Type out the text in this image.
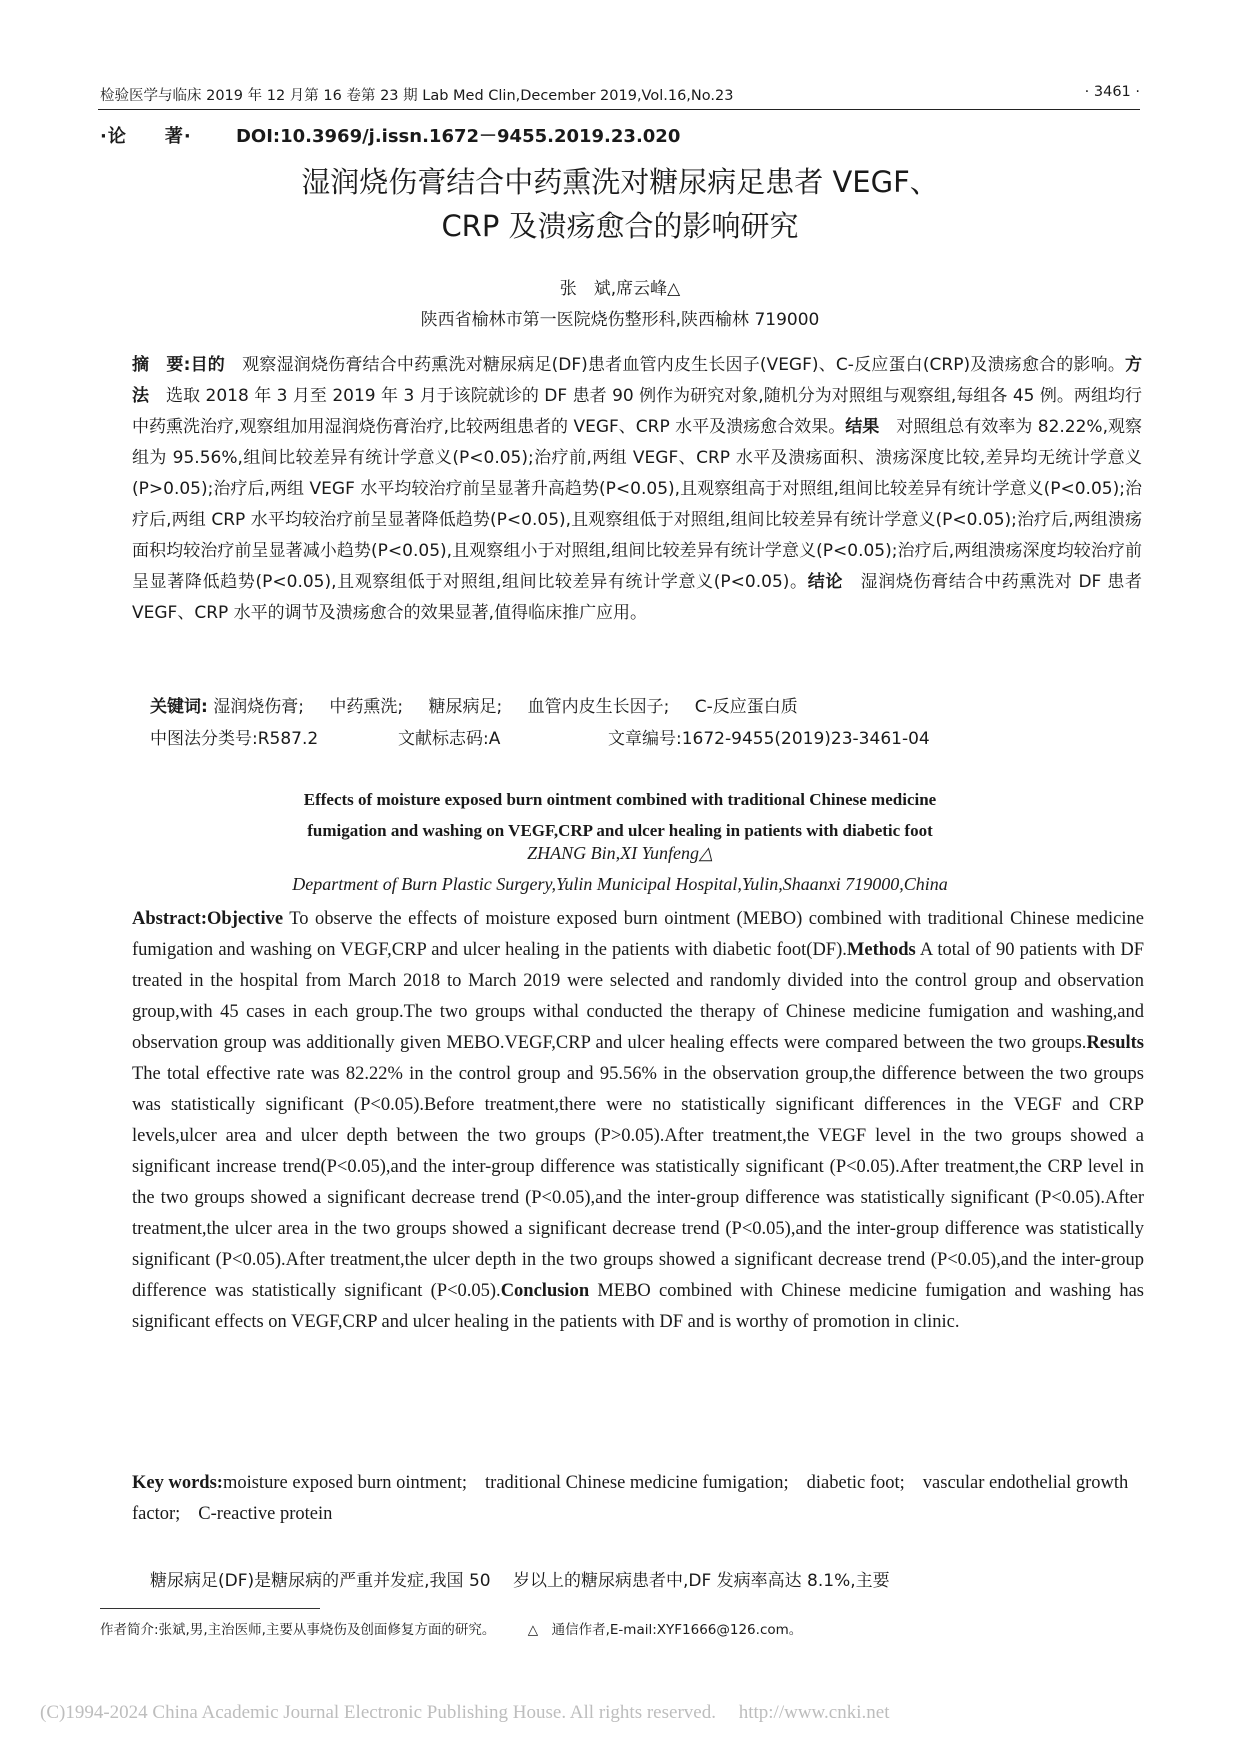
检验医学与临床 2019 年 12 月第 16 卷第 23 期 Lab Med Clin,December 2019,Vol.16,No.23	· 3461 ·
·论　　著· DOI:10.3969/j.issn.1672－9455.2019.23.020
湿润烧伤膏结合中药熏洗对糖尿病足患者 VEGF、
CRP 及溃疡愈合的影响研究
张　斌,席云峰△
陕西省榆林市第一医院烧伤整形科,陕西榆林 719000
摘　要:目的　观察湿润烧伤膏结合中药熏洗对糖尿病足(DF)患者血管内皮生长因子(VEGF)、C-反应蛋白(CRP)及溃疡愈合的影响。方法　选取 2018 年 3 月至 2019 年 3 月于该院就诊的 DF 患者 90 例作为研究对象,随机分为对照组与观察组,每组各 45 例。两组均行中药熏洗治疗,观察组加用湿润烧伤膏治疗,比较两组患者的 VEGF、CRP 水平及溃疡愈合效果。结果　对照组总有效率为 82.22%,观察组为 95.56%,组间比较差异有统计学意义(P<0.05);治疗前,两组 VEGF、CRP 水平及溃疡面积、溃疡深度比较,差异均无统计学意义(P>0.05);治疗后,两组 VEGF 水平均较治疗前呈显著升高趋势(P<0.05),且观察组高于对照组,组间比较差异有统计学意义(P<0.05);治疗后,两组 CRP 水平均较治疗前呈显著降低趋势(P<0.05),且观察组低于对照组,组间比较差异有统计学意义(P<0.05);治疗后,两组溃疡面积均较治疗前呈显著减小趋势(P<0.05),且观察组小于对照组,组间比较差异有统计学意义(P<0.05);治疗后,两组溃疡深度均较治疗前呈显著降低趋势(P<0.05),且观察组低于对照组,组间比较差异有统计学意义(P<0.05)。结论　湿润烧伤膏结合中药熏洗对 DF 患者 VEGF、CRP 水平的调节及溃疡愈合的效果显著,值得临床推广应用。
关键词: 湿润烧伤膏; 中药熏洗; 糖尿病足; 血管内皮生长因子; C-反应蛋白质
中图法分类号:R587.2	文献标志码:A	文章编号:1672-9455(2019)23-3461-04
Effects of moisture exposed burn ointment combined with traditional Chinese medicine
fumigation and washing on VEGF,CRP and ulcer healing in patients with diabetic foot
ZHANG Bin,XI Yunfeng△
Department of Burn Plastic Surgery,Yulin Municipal Hospital,Yulin,Shaanxi 719000,China
Abstract:Objective To observe the effects of moisture exposed burn ointment (MEBO) combined with traditional Chinese medicine fumigation and washing on VEGF,CRP and ulcer healing in the patients with diabetic foot(DF).Methods A total of 90 patients with DF treated in the hospital from March 2018 to March 2019 were selected and randomly divided into the control group and observation group,with 45 cases in each group.The two groups withal conducted the therapy of Chinese medicine fumigation and washing,and observation group was additionally given MEBO.VEGF,CRP and ulcer healing effects were compared between the two groups.Results The total effective rate was 82.22% in the control group and 95.56% in the observation group,the difference between the two groups was statistically significant (P<0.05).Before treatment,there were no statistically significant differences in the VEGF and CRP levels,ulcer area and ulcer depth between the two groups (P>0.05).After treatment,the VEGF level in the two groups showed a significant increase trend(P<0.05),and the inter-group difference was statistically significant (P<0.05).After treatment,the CRP level in the two groups showed a significant decrease trend (P<0.05),and the inter-group difference was statistically significant (P<0.05).After treatment,the ulcer area in the two groups showed a significant decrease trend (P<0.05),and the inter-group difference was statistically significant (P<0.05).After treatment,the ulcer depth in the two groups showed a significant decrease trend (P<0.05),and the inter-group difference was statistically significant (P<0.05).Conclusion MEBO combined with Chinese medicine fumigation and washing has significant effects on VEGF,CRP and ulcer healing in the patients with DF and is worthy of promotion in clinic.
Key words:moisture exposed burn ointment; traditional Chinese medicine fumigation; diabetic foot; vascular endothelial growth factor; C-reactive protein
糖尿病足(DF)是糖尿病的严重并发症,我国 50　 岁以上的糖尿病患者中,DF 发病率高达 8.1%,主要
作者简介:张斌,男,主治医师,主要从事烧伤及创面修复方面的研究。 △　通信作者,E-mail:XYF1666@126.com。
(C)1994-2024 China Academic Journal Electronic Publishing House. All rights reserved. http://www.cnki.net
